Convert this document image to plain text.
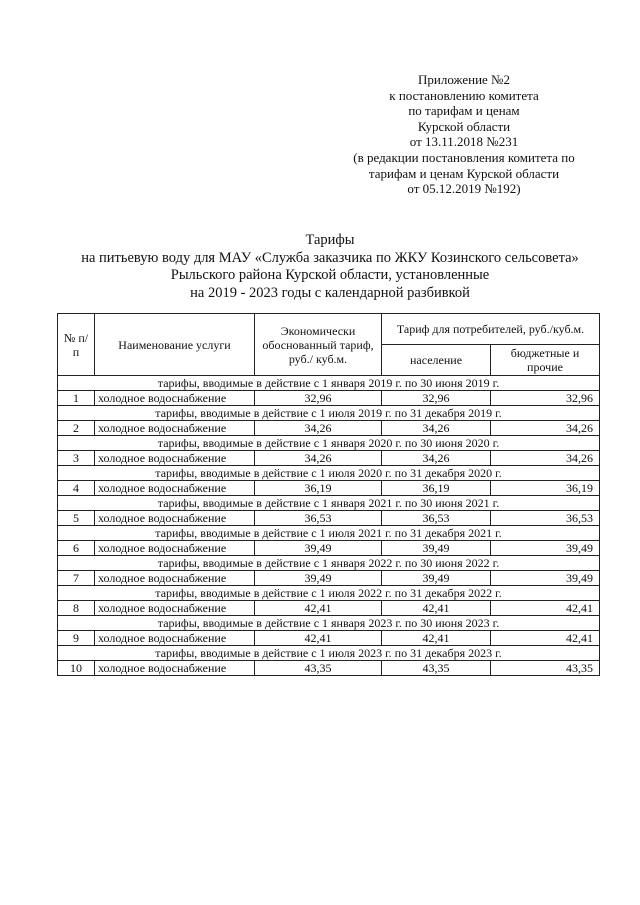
Приложение №2
к постановлению комитета
по тарифам и ценам
Курской области
от 13.11.2018 №231
(в редакции постановления комитета по
тарифам и ценам Курской области
от 05.12.2019 №192)
Тарифы
на питьевую воду для МАУ «Служба заказчика по ЖКУ Козинского сельсовета»
Рыльского района Курской области, установленные
на 2019 - 2023 годы с календарной разбивкой
№ п/п	Наименование услуги	Экономически обоснованный тариф, руб./ куб.м.	Тариф для потребителей, руб./куб.м.	
			население	бюджетные и прочие
тарифы, вводимые в действие с 1 января 2019 г. по 30 июня 2019 г.				
1	холодное водоснабжение	32,96	32,96	32,96
тарифы, вводимые в действие с 1 июля 2019 г. по 31 декабря 2019 г.				
2	холодное водоснабжение	34,26	34,26	34,26
тарифы, вводимые в действие с 1 января 2020 г. по 30 июня 2020 г.				
3	холодное водоснабжение	34,26	34,26	34,26
тарифы, вводимые в действие с 1 июля 2020 г. по 31 декабря 2020 г.				
4	холодное водоснабжение	36,19	36,19	36,19
тарифы, вводимые в действие с 1 января 2021 г. по 30 июня 2021 г.				
5	холодное водоснабжение	36,53	36,53	36,53
тарифы, вводимые в действие с 1 июля 2021 г. по 31 декабря 2021 г.				
6	холодное водоснабжение	39,49	39,49	39,49
тарифы, вводимые в действие с 1 января 2022 г. по 30 июня 2022 г.				
7	холодное водоснабжение	39,49	39,49	39,49
тарифы, вводимые в действие с 1 июля 2022 г. по 31 декабря 2022 г.				
8	холодное водоснабжение	42,41	42,41	42,41
тарифы, вводимые в действие с 1 января 2023 г. по 30 июня 2023 г.				
9	холодное водоснабжение	42,41	42,41	42,41
тарифы, вводимые в действие с 1 июля 2023 г. по 31 декабря 2023 г.				
10	холодное водоснабжение	43,35	43,35	43,35
